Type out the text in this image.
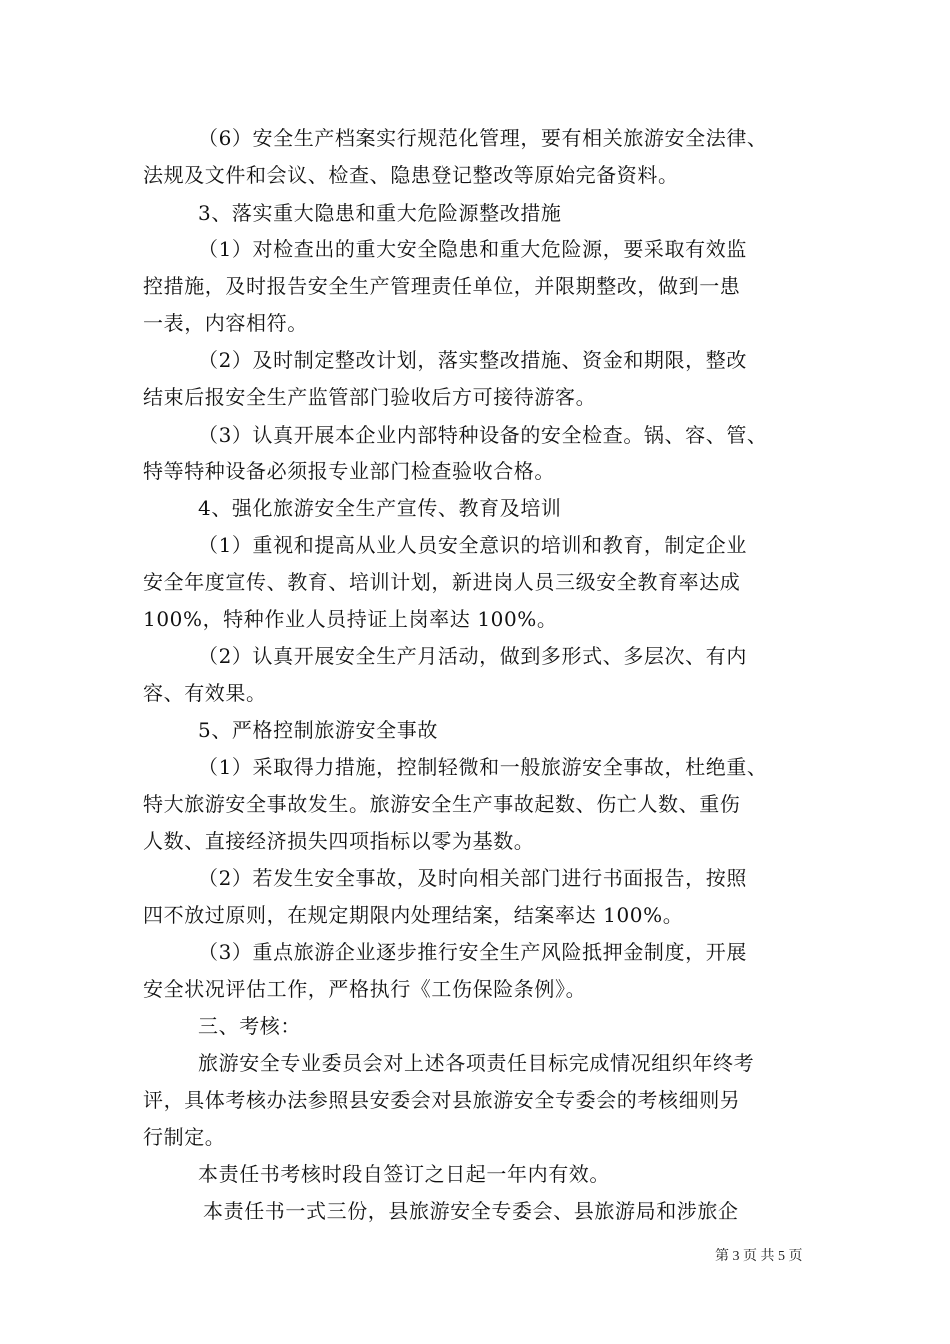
（6）安全生产档案实行规范化管理，要有相关旅游安全法律、
法规及文件和会议、检查、隐患登记整改等原始完备资料。
3、落实重大隐患和重大危险源整改措施
（1）对检查出的重大安全隐患和重大危险源，要采取有效监
控措施，及时报告安全生产管理责任单位，并限期整改，做到一患
一表，内容相符。
（2）及时制定整改计划，落实整改措施、资金和期限，整改
结束后报安全生产监管部门验收后方可接待游客。
（3）认真开展本企业内部特种设备的安全检查。锅、容、管、
特等特种设备必须报专业部门检查验收合格。
4、强化旅游安全生产宣传、教育及培训
（1）重视和提高从业人员安全意识的培训和教育，制定企业
安全年度宣传、教育、培训计划，新进岗人员三级安全教育率达成
100%，特种作业人员持证上岗率达 100%。
（2）认真开展安全生产月活动，做到多形式、多层次、有内
容、有效果。
5、严格控制旅游安全事故
（1）采取得力措施，控制轻微和一般旅游安全事故，杜绝重、
特大旅游安全事故发生。旅游安全生产事故起数、伤亡人数、重伤
人数、直接经济损失四项指标以零为基数。
（2）若发生安全事故，及时向相关部门进行书面报告，按照
四不放过原则，在规定期限内处理结案，结案率达 100%。
（3）重点旅游企业逐步推行安全生产风险抵押金制度，开展
安全状况评估工作，严格执行《工伤保险条例》。
三、考核：
旅游安全专业委员会对上述各项责任目标完成情况组织年终考
评，具体考核办法参照县安委会对县旅游安全专委会的考核细则另
行制定。
本责任书考核时段自签订之日起一年内有效。
本责任书一式三份，县旅游安全专委会、县旅游局和涉旅企
第 3 页 共 5 页
